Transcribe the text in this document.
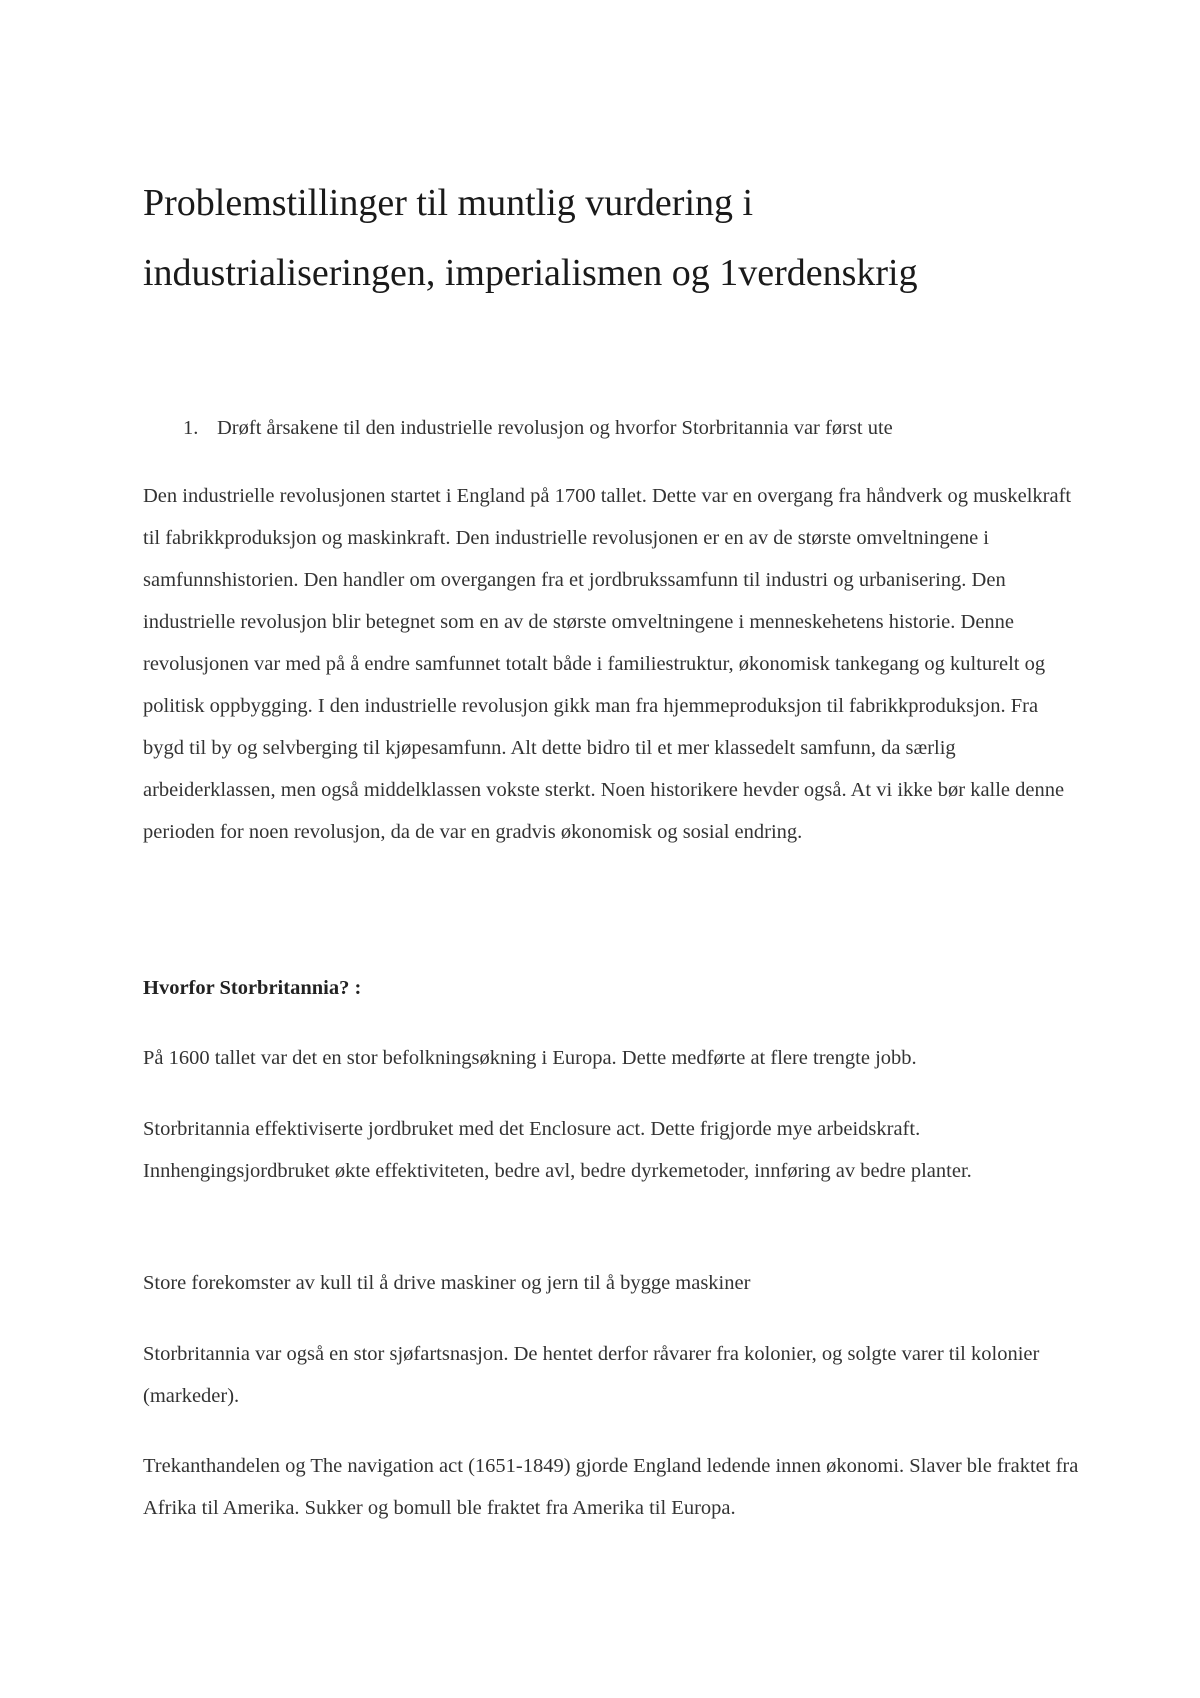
Problemstillinger til muntlig vurdering i
industrialiseringen, imperialismen og 1verdenskrig
1. Drøft årsakene til den industrielle revolusjon og hvorfor Storbritannia var først ute

Den industrielle revolusjonen startet i England på 1700 tallet. Dette var en overgang fra håndverk og muskelkraft til fabrikkproduksjon og maskinkraft. Den industrielle revolusjonen er en av de største omveltningene i samfunnshistorien. Den handler om overgangen fra et jordbrukssamfunn til industri og urbanisering. Den industrielle revolusjon blir betegnet som en av de største omveltningene i menneskehetens historie. Denne revolusjonen var med på å endre samfunnet totalt både i familiestruktur, økonomisk tankegang og kulturelt og politisk oppbygging. I den industrielle revolusjon gikk man fra hjemmeproduksjon til fabrikkproduksjon. Fra bygd til by og selvberging til kjøpesamfunn. Alt dette bidro til et mer klassedelt samfunn, da særlig arbeiderklassen, men også middelklassen vokste sterkt. Noen historikere hevder også. At vi ikke bør kalle denne perioden for noen revolusjon, da de var en gradvis økonomisk og sosial endring.

Hvorfor Storbritannia? :

På 1600 tallet var det en stor befolkningsøkning i Europa. Dette medførte at flere trengte jobb.

Storbritannia effektiviserte jordbruket med det Enclosure act. Dette frigjorde mye arbeidskraft. Innhengingsjordbruket økte effektiviteten, bedre avl, bedre dyrkemetoder, innføring av bedre planter.

Store forekomster av kull til å drive maskiner og jern til å bygge maskiner

Storbritannia var også en stor sjøfartsnasjon. De hentet derfor råvarer fra kolonier, og solgte varer til kolonier (markeder).

Trekanthandelen og The navigation act (1651-1849) gjorde England ledende innen økonomi. Slaver ble fraktet fra Afrika til Amerika. Sukker og bomull ble fraktet fra Amerika til Europa.
